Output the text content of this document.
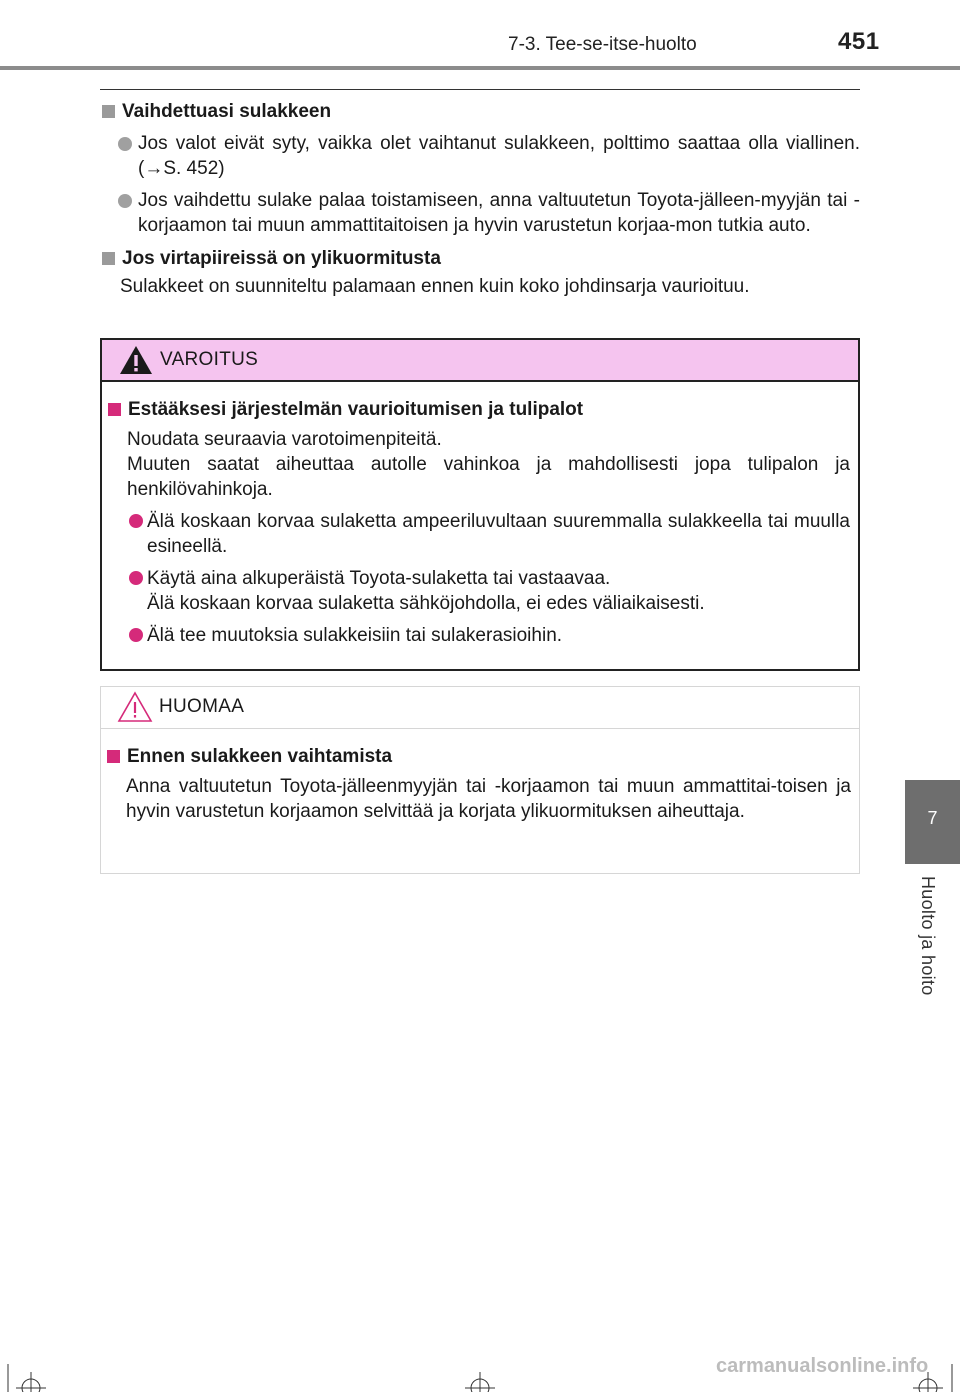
7-3. Tee-se-itse-huolto	451
Vaihdettuasi sulakkeen
Jos valot eivät syty, vaikka olet vaihtanut sulakkeen, polttimo saattaa olla viallinen. (→S. 452)
Jos vaihdettu sulake palaa toistamiseen, anna valtuutetun Toyota-jälleen-myyjän tai -korjaamon tai muun ammattitaitoisen ja hyvin varustetun korjaa-mon tutkia auto.
Jos virtapiireissä on ylikuormitusta
Sulakkeet on suunniteltu palamaan ennen kuin koko johdinsarja vaurioituu.
VAROITUS
Estääksesi järjestelmän vaurioitumisen ja tulipalot
Noudata seuraavia varotoimenpiteitä.
Muuten saatat aiheuttaa autolle vahinkoa ja mahdollisesti jopa tulipalon ja henkilövahinkoja.
Älä koskaan korvaa sulaketta ampeeriluvultaan suuremmalla sulakkeella tai muulla esineellä.
Käytä aina alkuperäistä Toyota-sulaketta tai vastaavaa.
Älä koskaan korvaa sulaketta sähköjohdolla, ei edes väliaikaisesti.
Älä tee muutoksia sulakkeisiin tai sulakerasioihin.
HUOMAA
Ennen sulakkeen vaihtamista
Anna valtuutetun Toyota-jälleenmyyjän tai -korjaamon tai muun ammattitai-toisen ja hyvin varustetun korjaamon selvittää ja korjata ylikuormituksen aiheuttaja.	7
Huolto ja hoito
carmanualsonline.info
